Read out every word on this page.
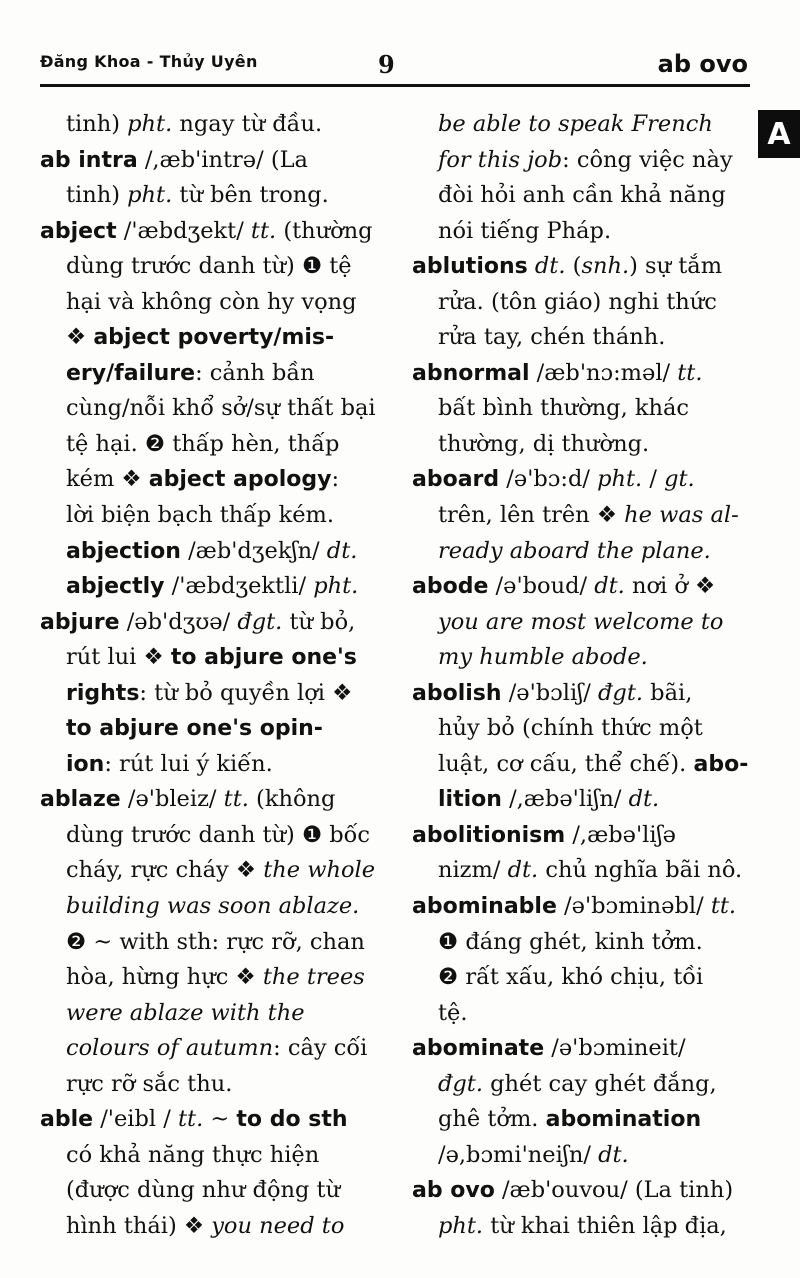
Đăng Khoa - Thủy Uyên	9	ab ovo
A
tinh) pht. ngay từ đầu.
ab intra /,æb'intrə/ (La
tinh) pht. từ bên trong.
abject /'æbdʒekt/ tt. (thường
dùng trước danh từ) ❶ tệ
hại và không còn hy vọng
❖ abject poverty/mis-
ery/failure: cảnh bần
cùng/nỗi khổ sở/sự thất bại
tệ hại. ❷ thấp hèn, thấp
kém ❖ abject apology:
lời biện bạch thấp kém.
abjection /æb'dʒekʃn/ dt.
abjectly /'æbdʒektli/ pht.
abjure /əb'dʒʊə/ đgt. từ bỏ,
rút lui ❖ to abjure one's
rights: từ bỏ quyền lợi ❖
to abjure one's opin-
ion: rút lui ý kiến.
ablaze /ə'bleiz/ tt. (không
dùng trước danh từ) ❶ bốc
cháy, rực cháy ❖ the whole
building was soon ablaze.
❷ ~ with sth: rực rỡ, chan
hòa, hừng hực ❖ the trees
were ablaze with the
colours of autumn: cây cối
rực rỡ sắc thu.
able /'eibl / tt. ~ to do sth
có khả năng thực hiện
(được dùng như động từ
hình thái) ❖ you need to
be able to speak French
for this job: công việc này
đòi hỏi anh cần khả năng
nói tiếng Pháp.
ablutions dt. (snh.) sự tắm
rửa. (tôn giáo) nghi thức
rửa tay, chén thánh.
abnormal /æb'nɔ:məl/ tt.
bất bình thường, khác
thường, dị thường.
aboard /ə'bɔ:d/ pht. / gt.
trên, lên trên ❖ he was al-
ready aboard the plane.
abode /ə'boud/ dt. nơi ở ❖
you are most welcome to
my humble abode.
abolish /ə'bɔliʃ/ đgt. bãi,
hủy bỏ (chính thức một
luật, cơ cấu, thể chế). abo-
lition /,æbə'liʃn/ dt.
abolitionism /,æbə'liʃə
nizm/ dt. chủ nghĩa bãi nô.
abominable /ə'bɔminəbl/ tt.
❶ đáng ghét, kinh tởm.
❷ rất xấu, khó chịu, tồi
tệ.
abominate /ə'bɔmineit/
đgt. ghét cay ghét đắng,
ghê tởm. abomination
/ə,bɔmi'neiʃn/ dt.
ab ovo /æb'ouvou/ (La tinh)
pht. từ khai thiên lập địa,
